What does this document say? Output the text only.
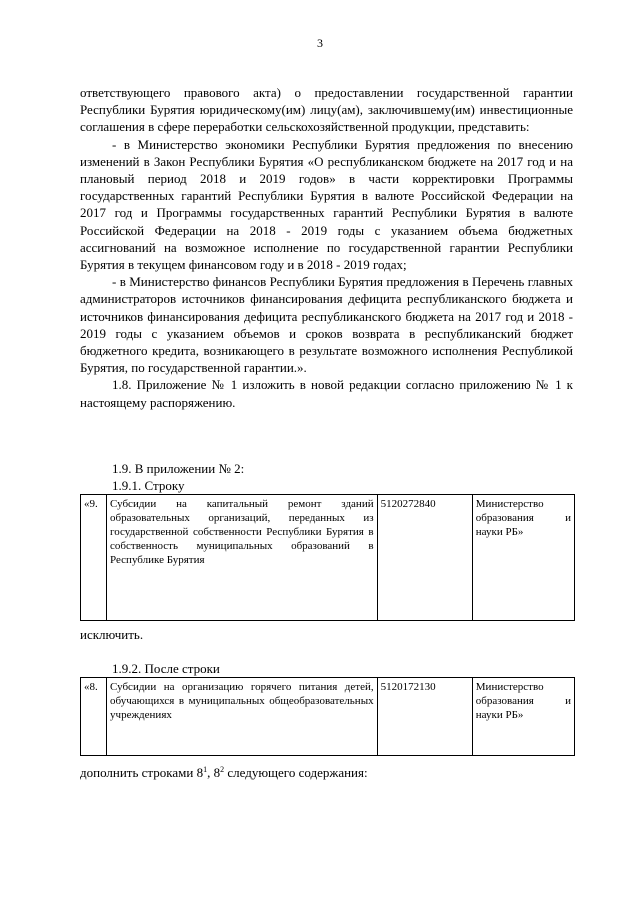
3

ответствующего правового акта) о предоставлении государственной гарантии Республики Бурятия юридическому(им) лицу(ам), заключившему(им) инвестиционные соглашения в сфере переработки сельскохозяйственной продукции, представить:

- в Министерство экономики Республики Бурятия предложения по внесению изменений в Закон Республики Бурятия «О республиканском бюджете на 2017 год и на плановый период 2018 и 2019 годов» в части корректировки Программы государственных гарантий Республики Бурятия в валюте Российской Федерации на 2017 год и Программы государственных гарантий Республики Бурятия в валюте Российской Федерации на 2018 - 2019 годы с указанием объема бюджетных ассигнований на возможное исполнение по государственной гарантии Республики Бурятия в текущем финансовом году и в 2018 - 2019 годах;

- в Министерство финансов Республики Бурятия предложения в Перечень главных администраторов источников финансирования дефицита республиканского бюджета и источников финансирования дефицита республиканского бюджета на 2017 год и 2018 - 2019 годы с указанием объемов и сроков возврата в республиканский бюджет бюджетного кредита, возникающего в результате возможного исполнения Республикой Бурятия, по государственной гарантии.».

1.8. Приложение № 1 изложить в новой редакции согласно приложению № 1 к настоящему распоряжению.

1.9. В приложении № 2:
1.9.1. Строку
«9.	Субсидии на капитальный ремонт зданий образовательных организаций, переданных из государственной собственности Республики Бурятия в собственность муниципальных образований в Республике Бурятия	5120272840	Министерство образования и науки РБ»
исключить.
1.9.2. После строки
«8.	Субсидии на организацию горячего питания детей, обучающихся в муниципальных общеобразовательных учреждениях	5120172130	Министерство образования и науки РБ»
дополнить строками $8^1$, $8^2$ следующего содержания:
